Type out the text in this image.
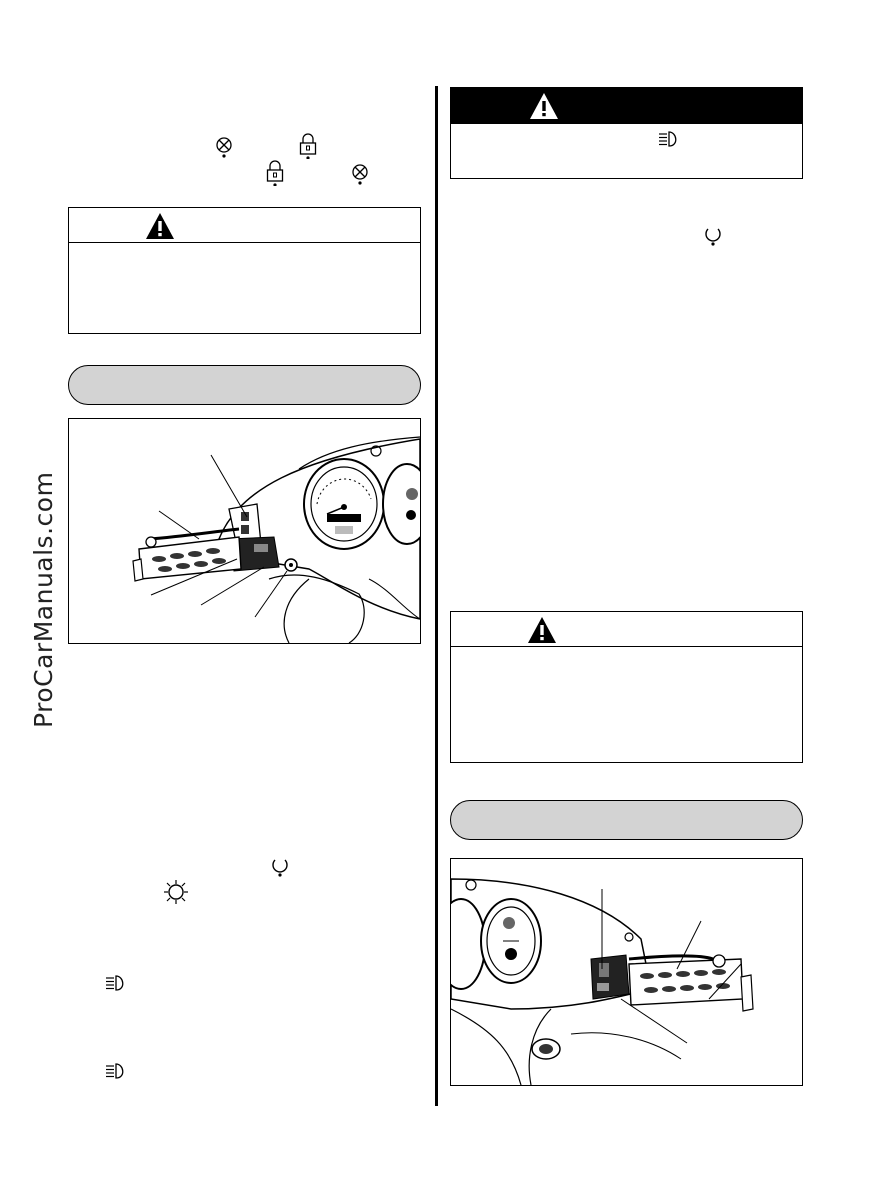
ProCarManuals.com
